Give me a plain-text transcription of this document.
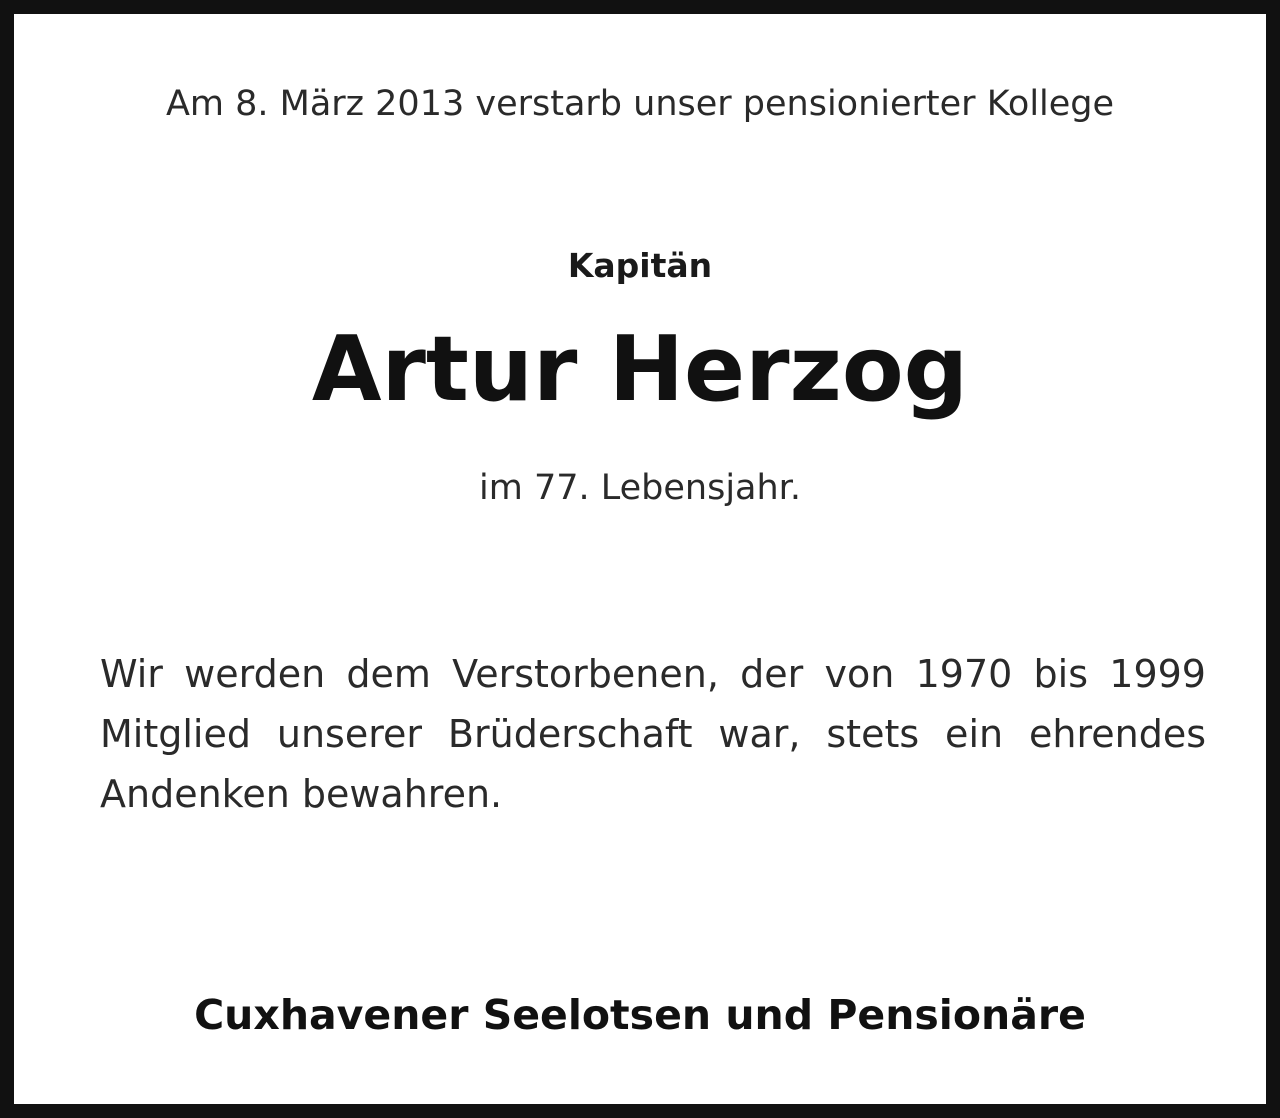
Am 8. März 2013 verstarb unser pensionierter Kollege
Kapitän
Artur Herzog
im 77. Lebensjahr.

Wir werden dem Verstorbenen, der von 1970 bis 1999 Mitglied unserer Brüderschaft war, stets ein ehrendes Andenken bewahren.

Cuxhavener Seelotsen und Pensionäre
